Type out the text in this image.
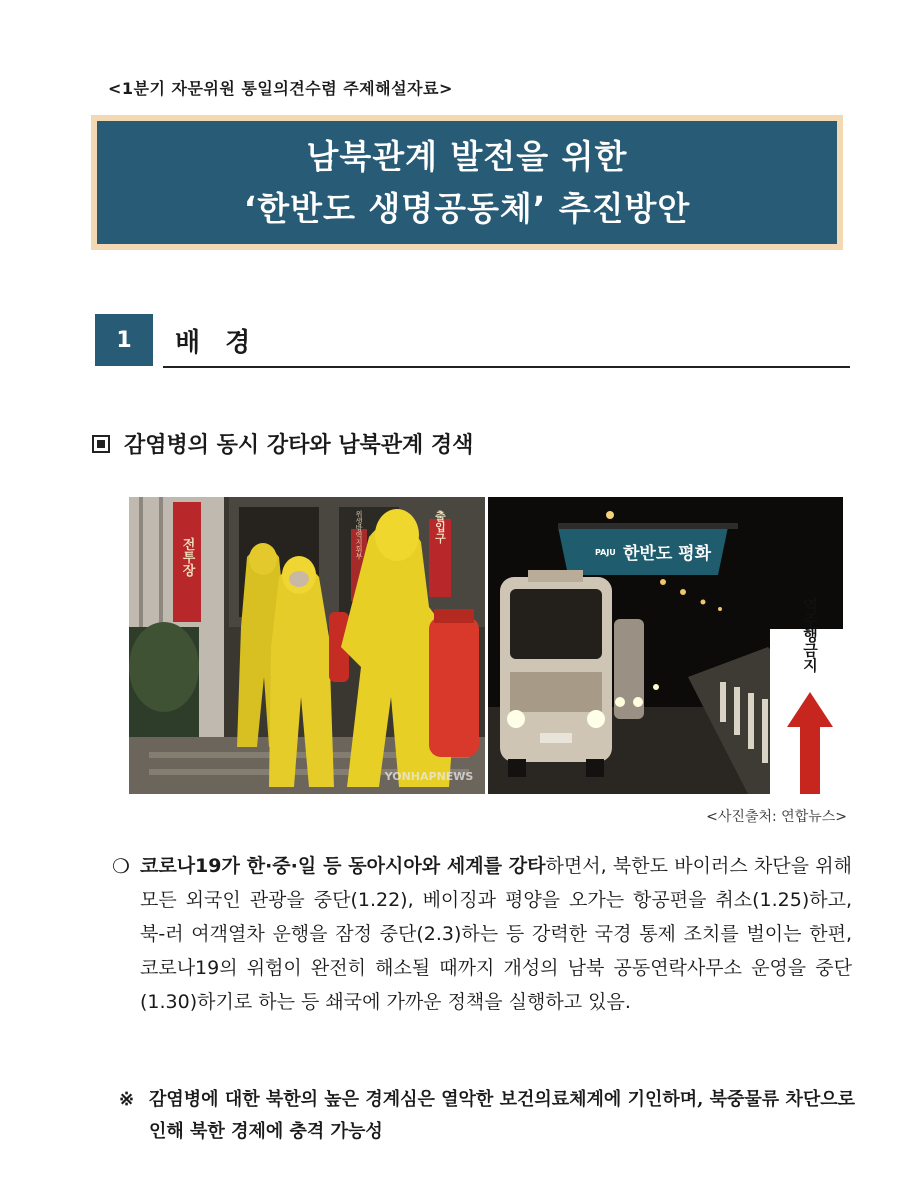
<1분기 자문위원 통일의견수렴 주제해설자료>
남북관계 발전을 위한
‘한반도 생명공동체’ 추진방안
1	배 경
감염병의 동시 강타와 남북관계 경색
전투장
출입구
위생방역지휘부
YONHAPNEWS
PAJU 한반도 평화
역주행금지
<사진출처: 연합뉴스>
❍ 코로나19가 한·중·일 등 동아시아와 세계를 강타하면서, 북한도 바이러스 차단을 위해 모든 외국인 관광을 중단(1.22), 베이징과 평양을 오가는 항공편을 취소(1.25)하고, 북-러 여객열차 운행을 잠정 중단(2.3)하는 등 강력한 국경 통제 조치를 벌이는 한편, 코로나19의 위험이 완전히 해소될 때까지 개성의 남북 공동연락사무소 운영을 중단(1.30)하기로 하는 등 쇄국에 가까운 정책을 실행하고 있음.
※ 감염병에 대한 북한의 높은 경계심은 열악한 보건의료체계에 기인하며, 북중물류 차단으로 인해 북한 경제에 충격 가능성
